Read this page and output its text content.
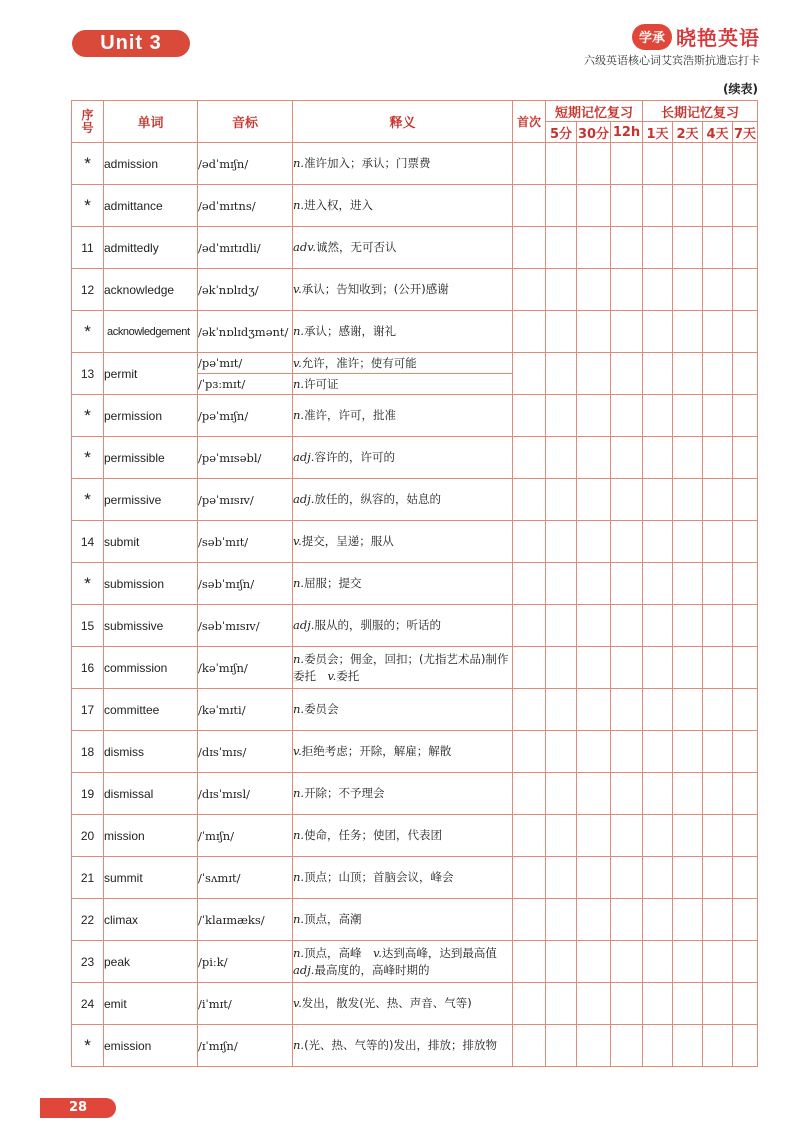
Unit 3	学承 晓艳英语
六级英语核心词艾宾浩斯抗遗忘打卡
(续表)
序号	单词	音标	释义	首次	短期记忆复习			长期记忆复习			
					5分	30分	12h	1天	2天	4天	7天
*	admission	/ədˈmɪʃn/	n.准许加入；承认；门票费								
*	admittance	/ədˈmɪtns/	n.进入权，进入								
11	admittedly	/ədˈmɪtɪdli/	adv.诚然，无可否认								
12	acknowledge	/əkˈnɒlɪdʒ/	v.承认；告知收到；(公开)感谢								
*	acknowledgement	/əkˈnɒlɪdʒmənt/	n.承认；感谢，谢礼								
13	permit	/pəˈmɪt/	v.允许，准许；使有可能								
		/ˈpɜːmɪt/	n.许可证								
*	permission	/pəˈmɪʃn/	n.准许，许可，批准								
*	permissible	/pəˈmɪsəbl/	adj.容许的，许可的								
*	permissive	/pəˈmɪsɪv/	adj.放任的，纵容的，姑息的								
14	submit	/səbˈmɪt/	v.提交，呈递；服从								
*	submission	/səbˈmɪʃn/	n.屈服；提交								
15	submissive	/səbˈmɪsɪv/	adj.服从的，驯服的；听话的								
16	commission	/kəˈmɪʃn/	n.委员会；佣金，回扣；(尤指艺术品)制作委托  v.委托								
17	committee	/kəˈmɪti/	n.委员会								
18	dismiss	/dɪsˈmɪs/	v.拒绝考虑；开除，解雇；解散								
19	dismissal	/dɪsˈmɪsl/	n.开除；不予理会								
20	mission	/ˈmɪʃn/	n.使命，任务；使团，代表团								
21	summit	/ˈsʌmɪt/	n.顶点；山顶；首脑会议，峰会								
22	climax	/ˈklaɪmæks/	n.顶点，高潮								
23	peak	/piːk/	n.顶点，高峰  v.达到高峰，达到最高值 adj.最高度的，高峰时期的								
24	emit	/iˈmɪt/	v.发出，散发(光、热、声音、气等)								
*	emission	/ɪˈmɪʃn/	n.(光、热、气等的)发出，排放；排放物								
28
